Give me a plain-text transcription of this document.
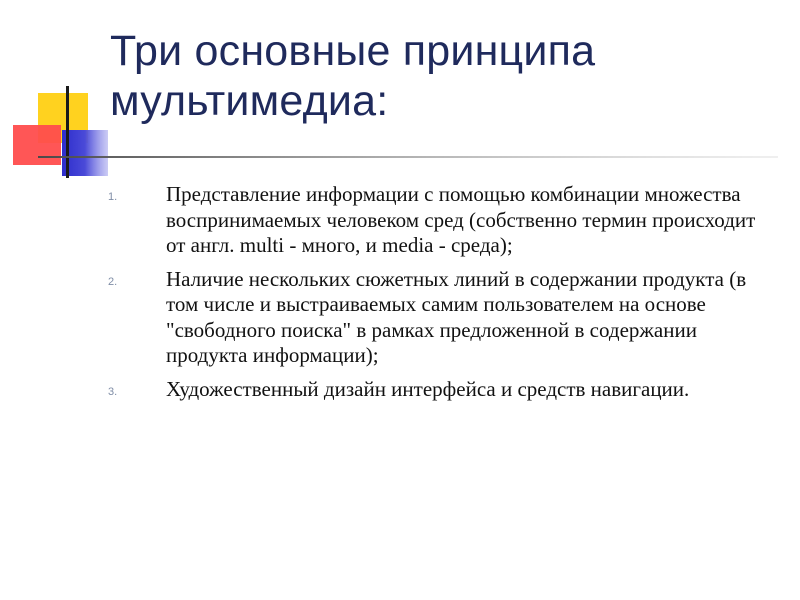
Три основные принципа
мультимедиа:
1. Представление информации с помощью комбинации множества воспринимаемых человеком сред (собственно термин происходит от англ. multi - много, и media - среда);
2. Наличие нескольких сюжетных линий в содержании продукта (в том числе и выстраиваемых самим пользователем на основе "свободного поиска" в рамках предложенной в содержании продукта информации);
3. Художественный дизайн интерфейса и средств навигации.
